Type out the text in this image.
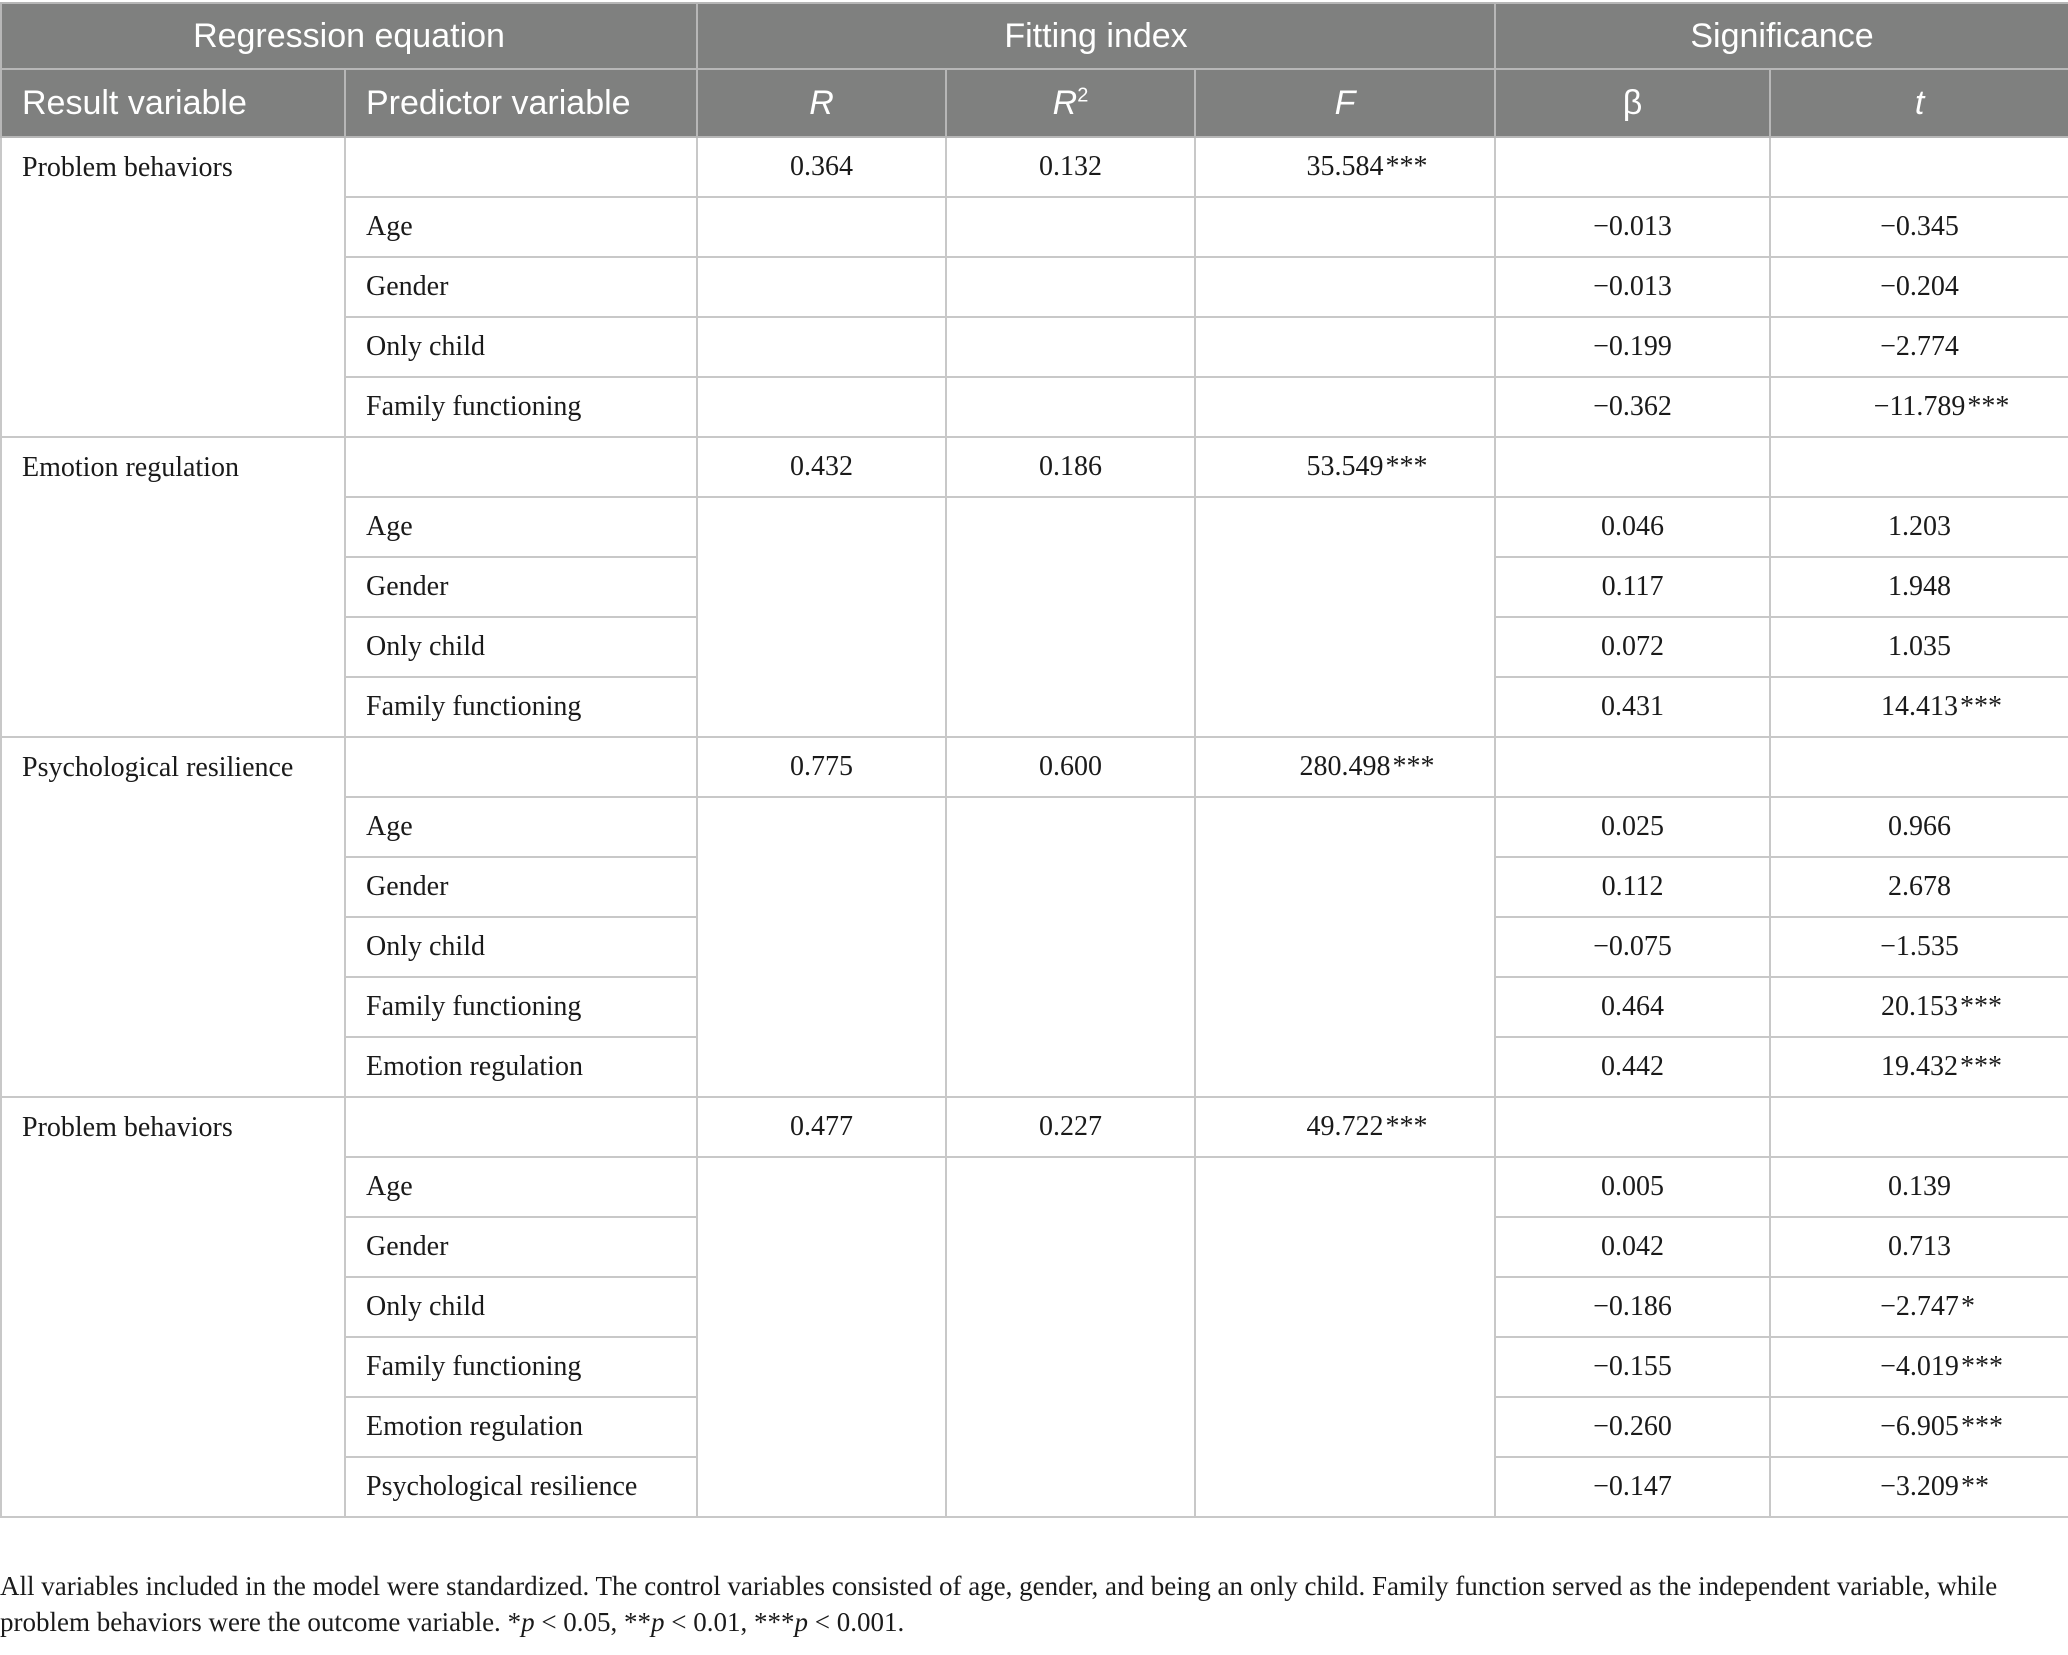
Regression equation		Fitting index			Significance	
Result variable	Predictor variable	R	$R^2$	F	β	t
Problem behaviors		0.364	0.132	35.584 ***		

	Age				−0.013	−0.345
	Gender				−0.013	−0.204
	Only child				−0.199	−2.774
	Family functioning				−0.362	−11.789 ***

Emotion regulation		0.432	0.186	53.549 ***		

	Age				0.046	1.203
	Gender				0.117	1.948
	Only child				0.072	1.035
	Family functioning				0.431	14.413 ***

Psychological resilience		0.775	0.600	280.498 ***		

	Age				0.025	0.966
	Gender				0.112	2.678
	Only child				−0.075	−1.535
	Family functioning				0.464	20.153 ***

	Emotion regulation				0.442	19.432 ***

Problem behaviors		0.477	0.227	49.722 ***		

	Age				0.005	0.139
	Gender				0.042	0.713
	Only child				−0.186	−2.747 *

	Family functioning				−0.155	−4.019 ***

	Emotion regulation				−0.260	−6.905 ***

	Psychological resilience				−0.147	−3.209 **
All variables included in the model were standardized. The control variables consisted of age, gender, and being an only child. Family function served as the independent variable, while problem behaviors were the outcome variable. *p < 0.05, **p < 0.01, ***p < 0.001.
